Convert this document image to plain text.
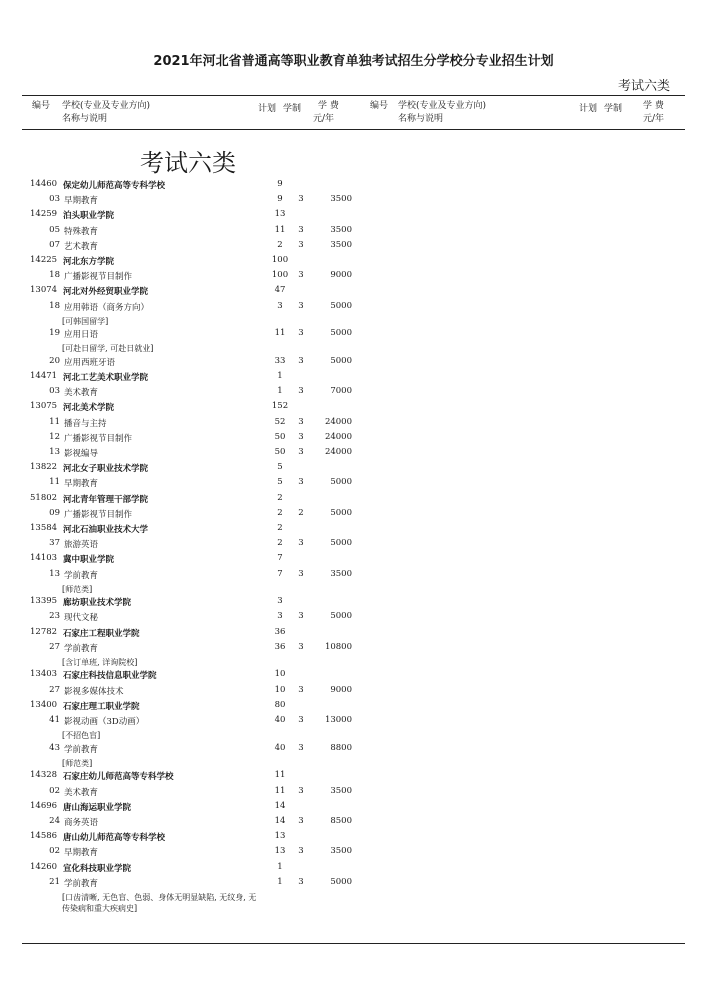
2021年河北省普通高等职业教育单独考试招生分学校分专业招生计划
考试六类
编号 学校(专业及专业方向)
名称与说明
计划 学制 学 费
元/年
编号 学校(专业及专业方向)
名称与说明
计划 学制 学 费
元/年
考试六类
14460 保定幼儿师范高等专科学校	9
03 早期教育	9	3	3500
14259 泊头职业学院	13
05 特殊教育	11	3	3500
07 艺术教育	2	3	3500
14225 河北东方学院	100
18 广播影视节目制作	100	3	9000
13074 河北对外经贸职业学院	47
18 应用韩语（商务方向）	3	3	5000
[可韩国留学]
19 应用日语	11	3	5000
[可赴日留学, 可赴日就业]
20 应用西班牙语	33	3	5000
14471 河北工艺美术职业学院	1
03 美术教育	1	3	7000
13075 河北美术学院	152
11 播音与主持	52	3	24000
12 广播影视节目制作	50	3	24000
13 影视编导	50	3	24000
13822 河北女子职业技术学院	5
11 早期教育	5	3	5000
51802 河北青年管理干部学院	2
09 广播影视节目制作	2	2	5000
13584 河北石油职业技术大学	2
37 旅游英语	2	3	5000
14103 冀中职业学院	7
13 学前教育	7	3	3500
[师范类]
13395 廊坊职业技术学院	3
23 现代文秘	3	3	5000
12782 石家庄工程职业学院	36
27 学前教育	36	3	10800
[含订单班, 详询院校]
13403 石家庄科技信息职业学院	10
27 影视多媒体技术	10	3	9000
13400 石家庄理工职业学院	80
41 影视动画（3D动画）	40	3	13000
[不招色盲]
43 学前教育	40	3	8800
[师范类]
14328 石家庄幼儿师范高等专科学校	11
02 美术教育	11	3	3500
14696 唐山海运职业学院	14
24 商务英语	14	3	8500
14586 唐山幼儿师范高等专科学校	13
02 早期教育	13	3	3500
14260 宣化科技职业学院	1
21 学前教育	1	3	5000
[口齿清晰, 无色盲、色弱、身体无明显缺陷, 无纹身, 无传染病和重大疾病史]
